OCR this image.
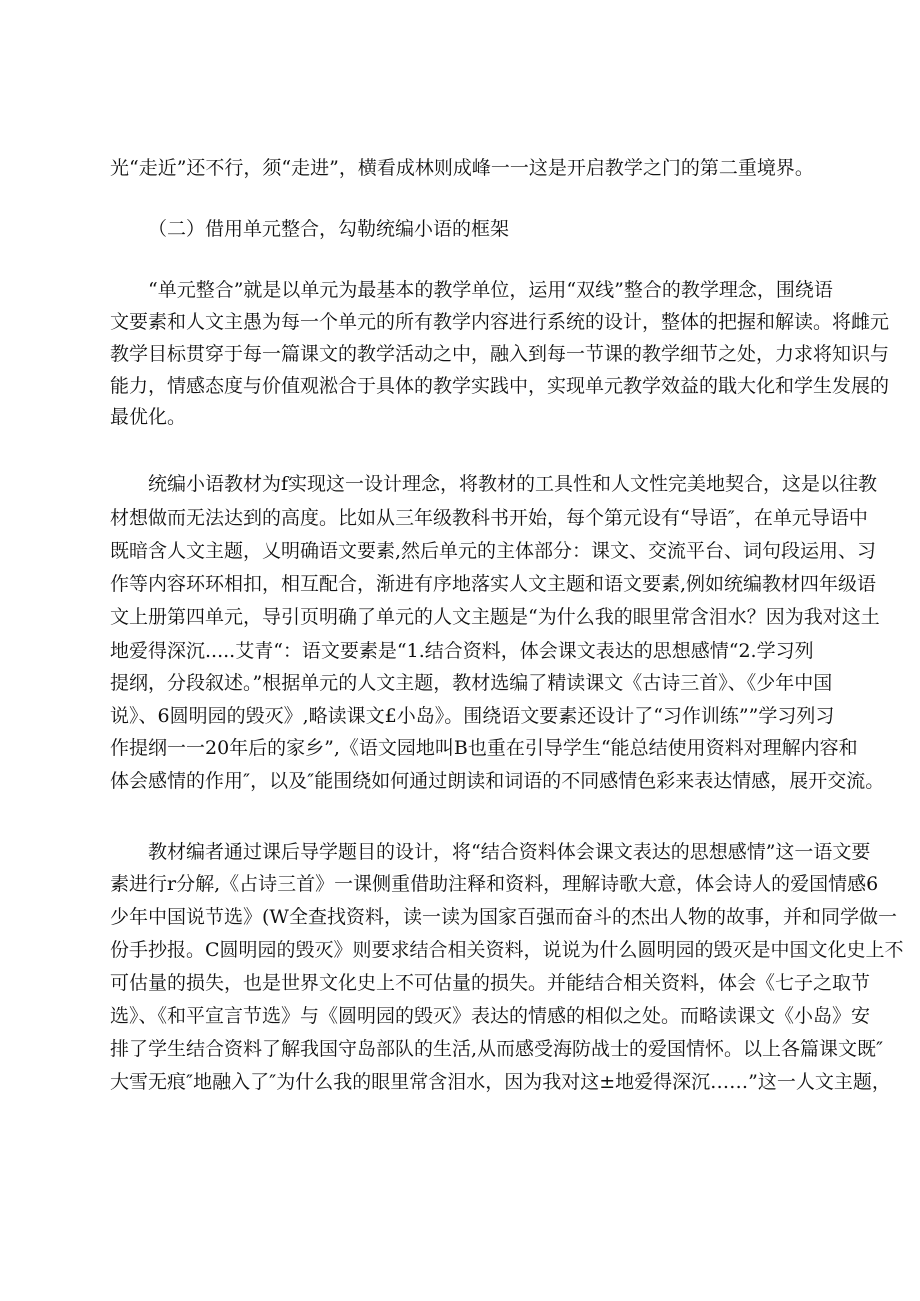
光“走近”还不行，须“走进”，横看成林则成峰一一这是开启教学之门的第二重境界。
（二）借用单元整合，勾勒统编小语的框架
“单元整合”就是以单元为最基本的教学单位，运用“双线”整合的教学理念，围绕语
文要素和人文主愚为每一个单元的所有教学内容进行系统的设计，整体的把握和解读。将雌元
教学目标贯穿于每一篇课文的教学活动之中，融入到每一节课的教学细节之处，力求将知识与
能力，情感态度与价值观淞合于具体的教学实践中，实现单元教学效益的戢大化和学生发展的
最优化。
统编小语教材为f实现这一设计理念，将教材的工具性和人文性完美地契合，这是以往教
材想做而无法达到的高度。比如从三年级教科书开始，每个第元设有“导语″，在单元导语中
既暗含人文主题，乂明确语文要素,然后单元的主体部分：课文、交流平台、词句段运用、习
作等内容环环相扣，相互配合，渐进有序地落实人文主题和语文要素,例如统编教材四年级语
文上册第四单元，导引页明确了单元的人文主题是“为什么我的眼里常含泪水？因为我对这土
地爱得深沉.....艾青“：语文要素是“1.结合资料，体会课文表达的思想感情“2.学习列
提纲，分段叙述。”根据单元的人文主题，教材选编了精读课文《古诗三首》、《少年中国
说》、6圆明园的毁灭》,略读课文£小岛》。围绕语文要素还设计了“习作训练””学习列习
作提纲一一20年后的家乡”,《语文园地叫B也重在引导学生“能总结使用资料对理解内容和
体会感情的作用″，以及″能围绕如何通过朗读和词语的不同感情色彩来表达情感，展开交流。
教材编者通过课后导学题目的设计，将“结合资料体会课文表达的思想感情”这一语文要
素进行r分解,《占诗三首》一课侧重借助注释和资料，理解诗歌大意，体会诗人的爱国情感6
少年中国说节选》(W全查找资料，读一读为国家百强而奋斗的杰出人物的故事，并和同学做一
份手抄报。C圆明园的毁灭》则要求结合相关资料，说说为什么圆明园的毁灭是中国文化史上不
可估量的损失，也是世界文化史上不可估量的损失。并能结合相关资料，体会《七子之取节
选》、《和平宣言节选》与《圆明园的毁灭》表达的情感的相似之处。而略读课文《小岛》安
排了学生结合资料了解我国守岛部队的生活,从而感受海防战士的爱国情怀。以上各篇课文既″
大雪无痕″地融入了″为什么我的眼里常含泪水，因为我对这±地爱得深沉……”这一人文主题，
